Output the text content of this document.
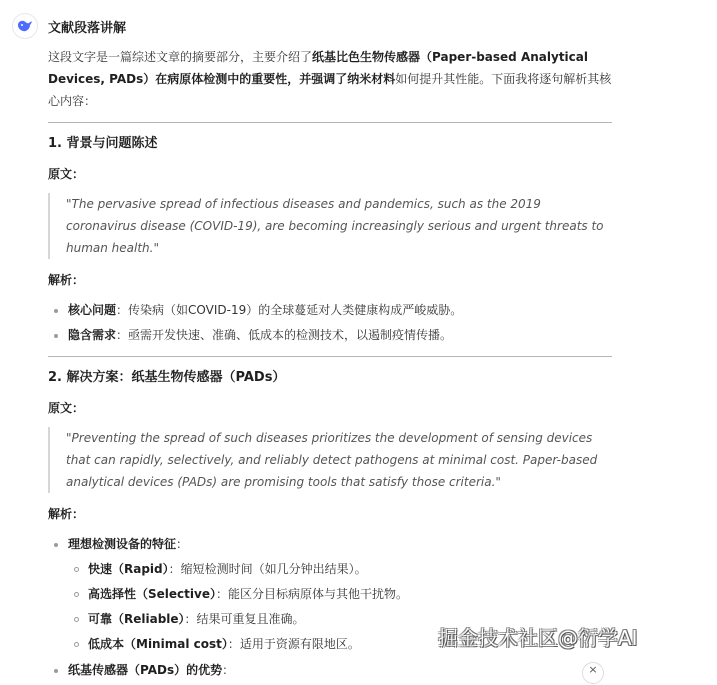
文献段落讲解

这段文字是一篇综述文章的摘要部分，主要介绍了纸基比色生物传感器（Paper-based Analytical Devices, PADs）在病原体检测中的重要性，并强调了纳米材料如何提升其性能。下面我将逐句解析其核心内容：

1. 背景与问题陈述
原文：
"The pervasive spread of infectious diseases and pandemics, such as the 2019 coronavirus disease (COVID-19), are becoming increasingly serious and urgent threats to human health."
解析：
核心问题：传染病（如COVID-19）的全球蔓延对人类健康构成严峻威胁。
隐含需求：亟需开发快速、准确、低成本的检测技术，以遏制疫情传播。
2. 解决方案：纸基生物传感器（PADs）
原文：
"Preventing the spread of such diseases prioritizes the development of sensing devices that can rapidly, selectively, and reliably detect pathogens at minimal cost. Paper-based analytical devices (PADs) are promising tools that satisfy those criteria."
解析：
理想检测设备的特征：
快速（Rapid）：缩短检测时间（如几分钟出结果）。
高选择性（Selective）：能区分目标病原体与其他干扰物。
可靠（Reliable）：结果可重复且准确。
低成本（Minimal cost）：适用于资源有限地区。
纸基传感器（PADs）的优势：
掘金技术社区@衍学AI
×
